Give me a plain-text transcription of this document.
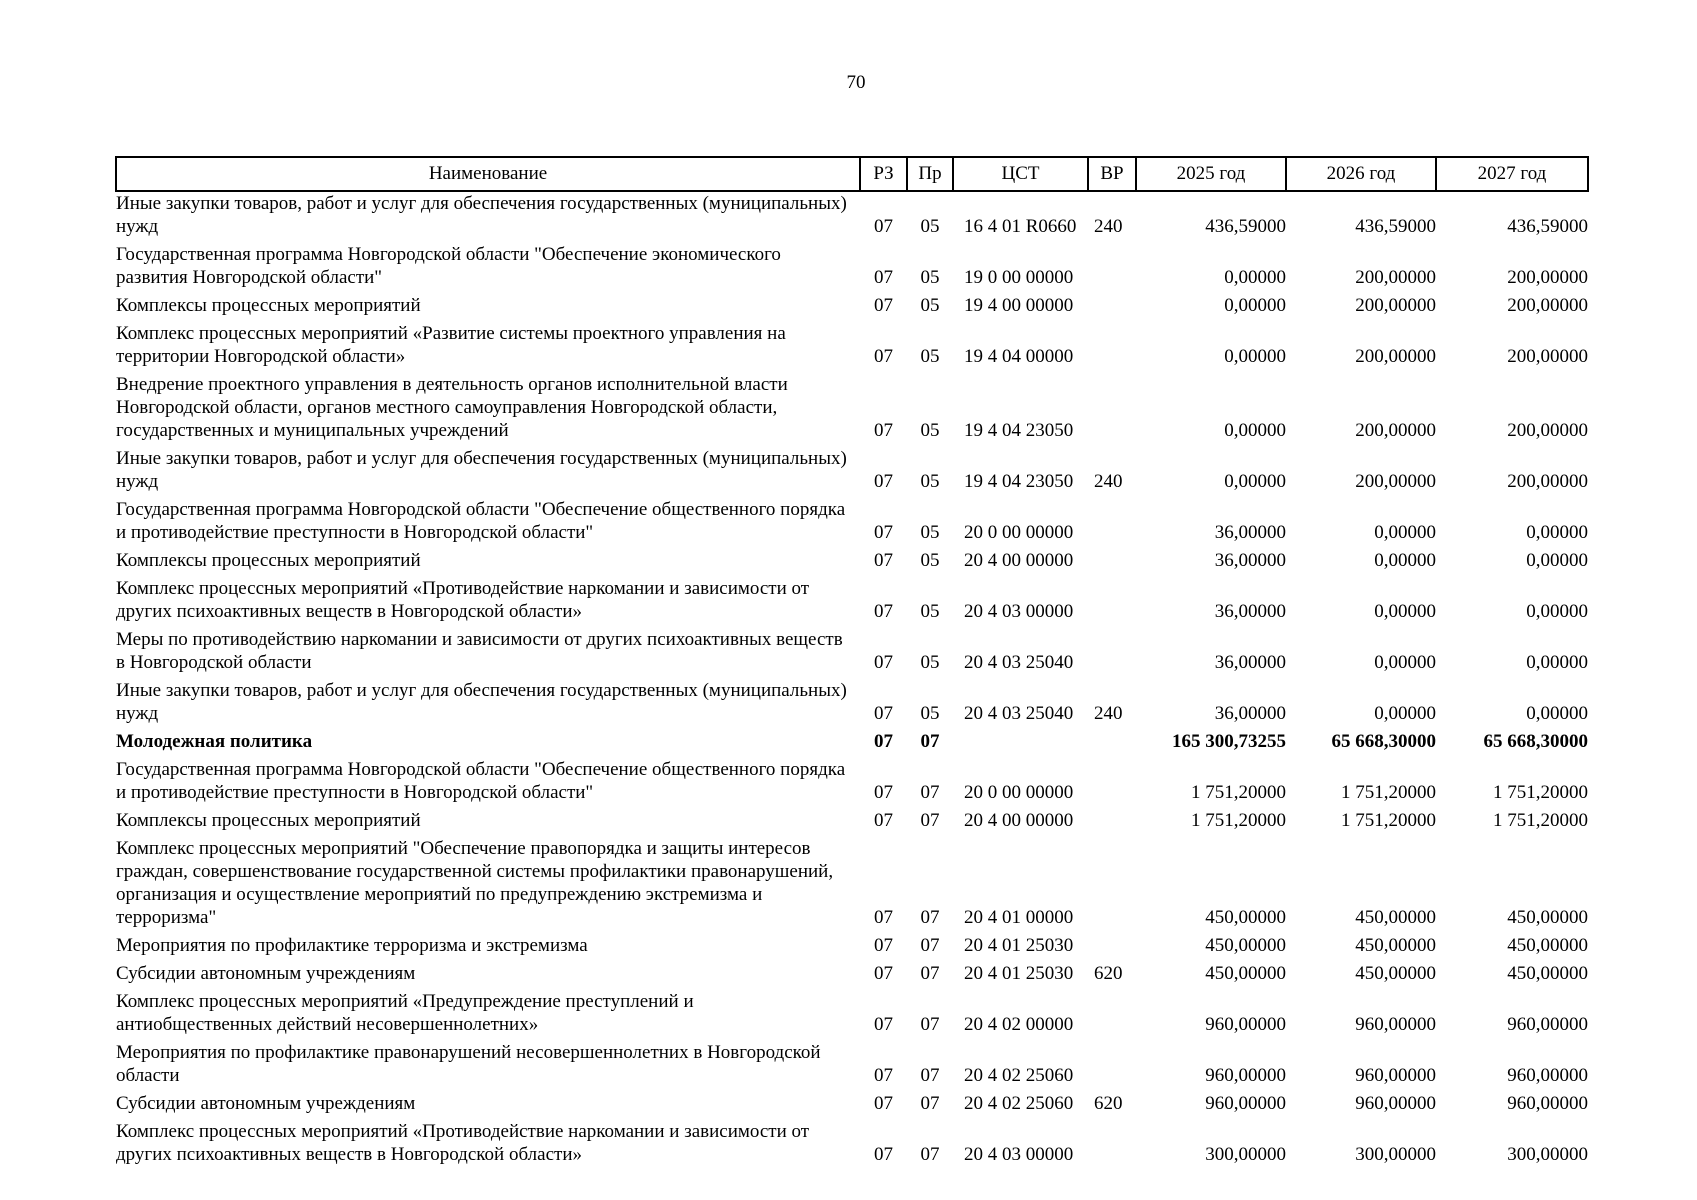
70
Наименование	РЗ	Пр	ЦСТ	ВР	2025 год	2026 год	2027 год
Иные закупки товаров, работ и услуг для обеспечения государственных (муниципальных) нужд	07	05	16 4 01 R0660	240	436,59000	436,59000	436,59000
Государственная программа Новгородской области "Обеспечение экономического развития Новгородской области"	07	05	19 0 00 00000		0,00000	200,00000	200,00000
Комплексы процессных мероприятий	07	05	19 4 00 00000		0,00000	200,00000	200,00000
Комплекс процессных мероприятий «Развитие системы проектного управления на территории Новгородской области»	07	05	19 4 04 00000		0,00000	200,00000	200,00000
Внедрение проектного управления в деятельность органов исполнительной власти Новгородской области, органов местного самоуправления Новгородской области, государственных и муниципальных учреждений	07	05	19 4 04 23050		0,00000	200,00000	200,00000
Иные закупки товаров, работ и услуг для обеспечения государственных (муниципальных) нужд	07	05	19 4 04 23050	240	0,00000	200,00000	200,00000
Государственная программа Новгородской области "Обеспечение общественного порядка и противодействие преступности в Новгородской области"	07	05	20 0 00 00000		36,00000	0,00000	0,00000
Комплексы процессных мероприятий	07	05	20 4 00 00000		36,00000	0,00000	0,00000
Комплекс процессных мероприятий «Противодействие наркомании и зависимости от других психоактивных веществ в Новгородской области»	07	05	20 4 03 00000		36,00000	0,00000	0,00000
Меры по противодействию наркомании и зависимости от других психоактивных веществ в Новгородской области	07	05	20 4 03 25040		36,00000	0,00000	0,00000
Иные закупки товаров, работ и услуг для обеспечения государственных (муниципальных) нужд	07	05	20 4 03 25040	240	36,00000	0,00000	0,00000
Молодежная политика	07	07			165 300,73255	65 668,30000	65 668,30000
Государственная программа Новгородской области "Обеспечение общественного порядка и противодействие преступности в Новгородской области"	07	07	20 0 00 00000		1 751,20000	1 751,20000	1 751,20000
Комплексы процессных мероприятий	07	07	20 4 00 00000		1 751,20000	1 751,20000	1 751,20000
Комплекс процессных мероприятий "Обеспечение правопорядка и защиты интересов граждан, совершенствование государственной системы профилактики правонарушений, организация и осуществление мероприятий по предупреждению экстремизма и терроризма"	07	07	20 4 01 00000		450,00000	450,00000	450,00000
Мероприятия по профилактике терроризма и экстремизма	07	07	20 4 01 25030		450,00000	450,00000	450,00000
Субсидии автономным учреждениям	07	07	20 4 01 25030	620	450,00000	450,00000	450,00000
Комплекс процессных мероприятий «Предупреждение преступлений и антиобщественных действий несовершеннолетних»	07	07	20 4 02 00000		960,00000	960,00000	960,00000
Мероприятия по профилактике правонарушений несовершеннолетних в Новгородской области	07	07	20 4 02 25060		960,00000	960,00000	960,00000
Субсидии автономным учреждениям	07	07	20 4 02 25060	620	960,00000	960,00000	960,00000
Комплекс процессных мероприятий «Противодействие наркомании и зависимости от других психоактивных веществ в Новгородской области»	07	07	20 4 03 00000		300,00000	300,00000	300,00000
